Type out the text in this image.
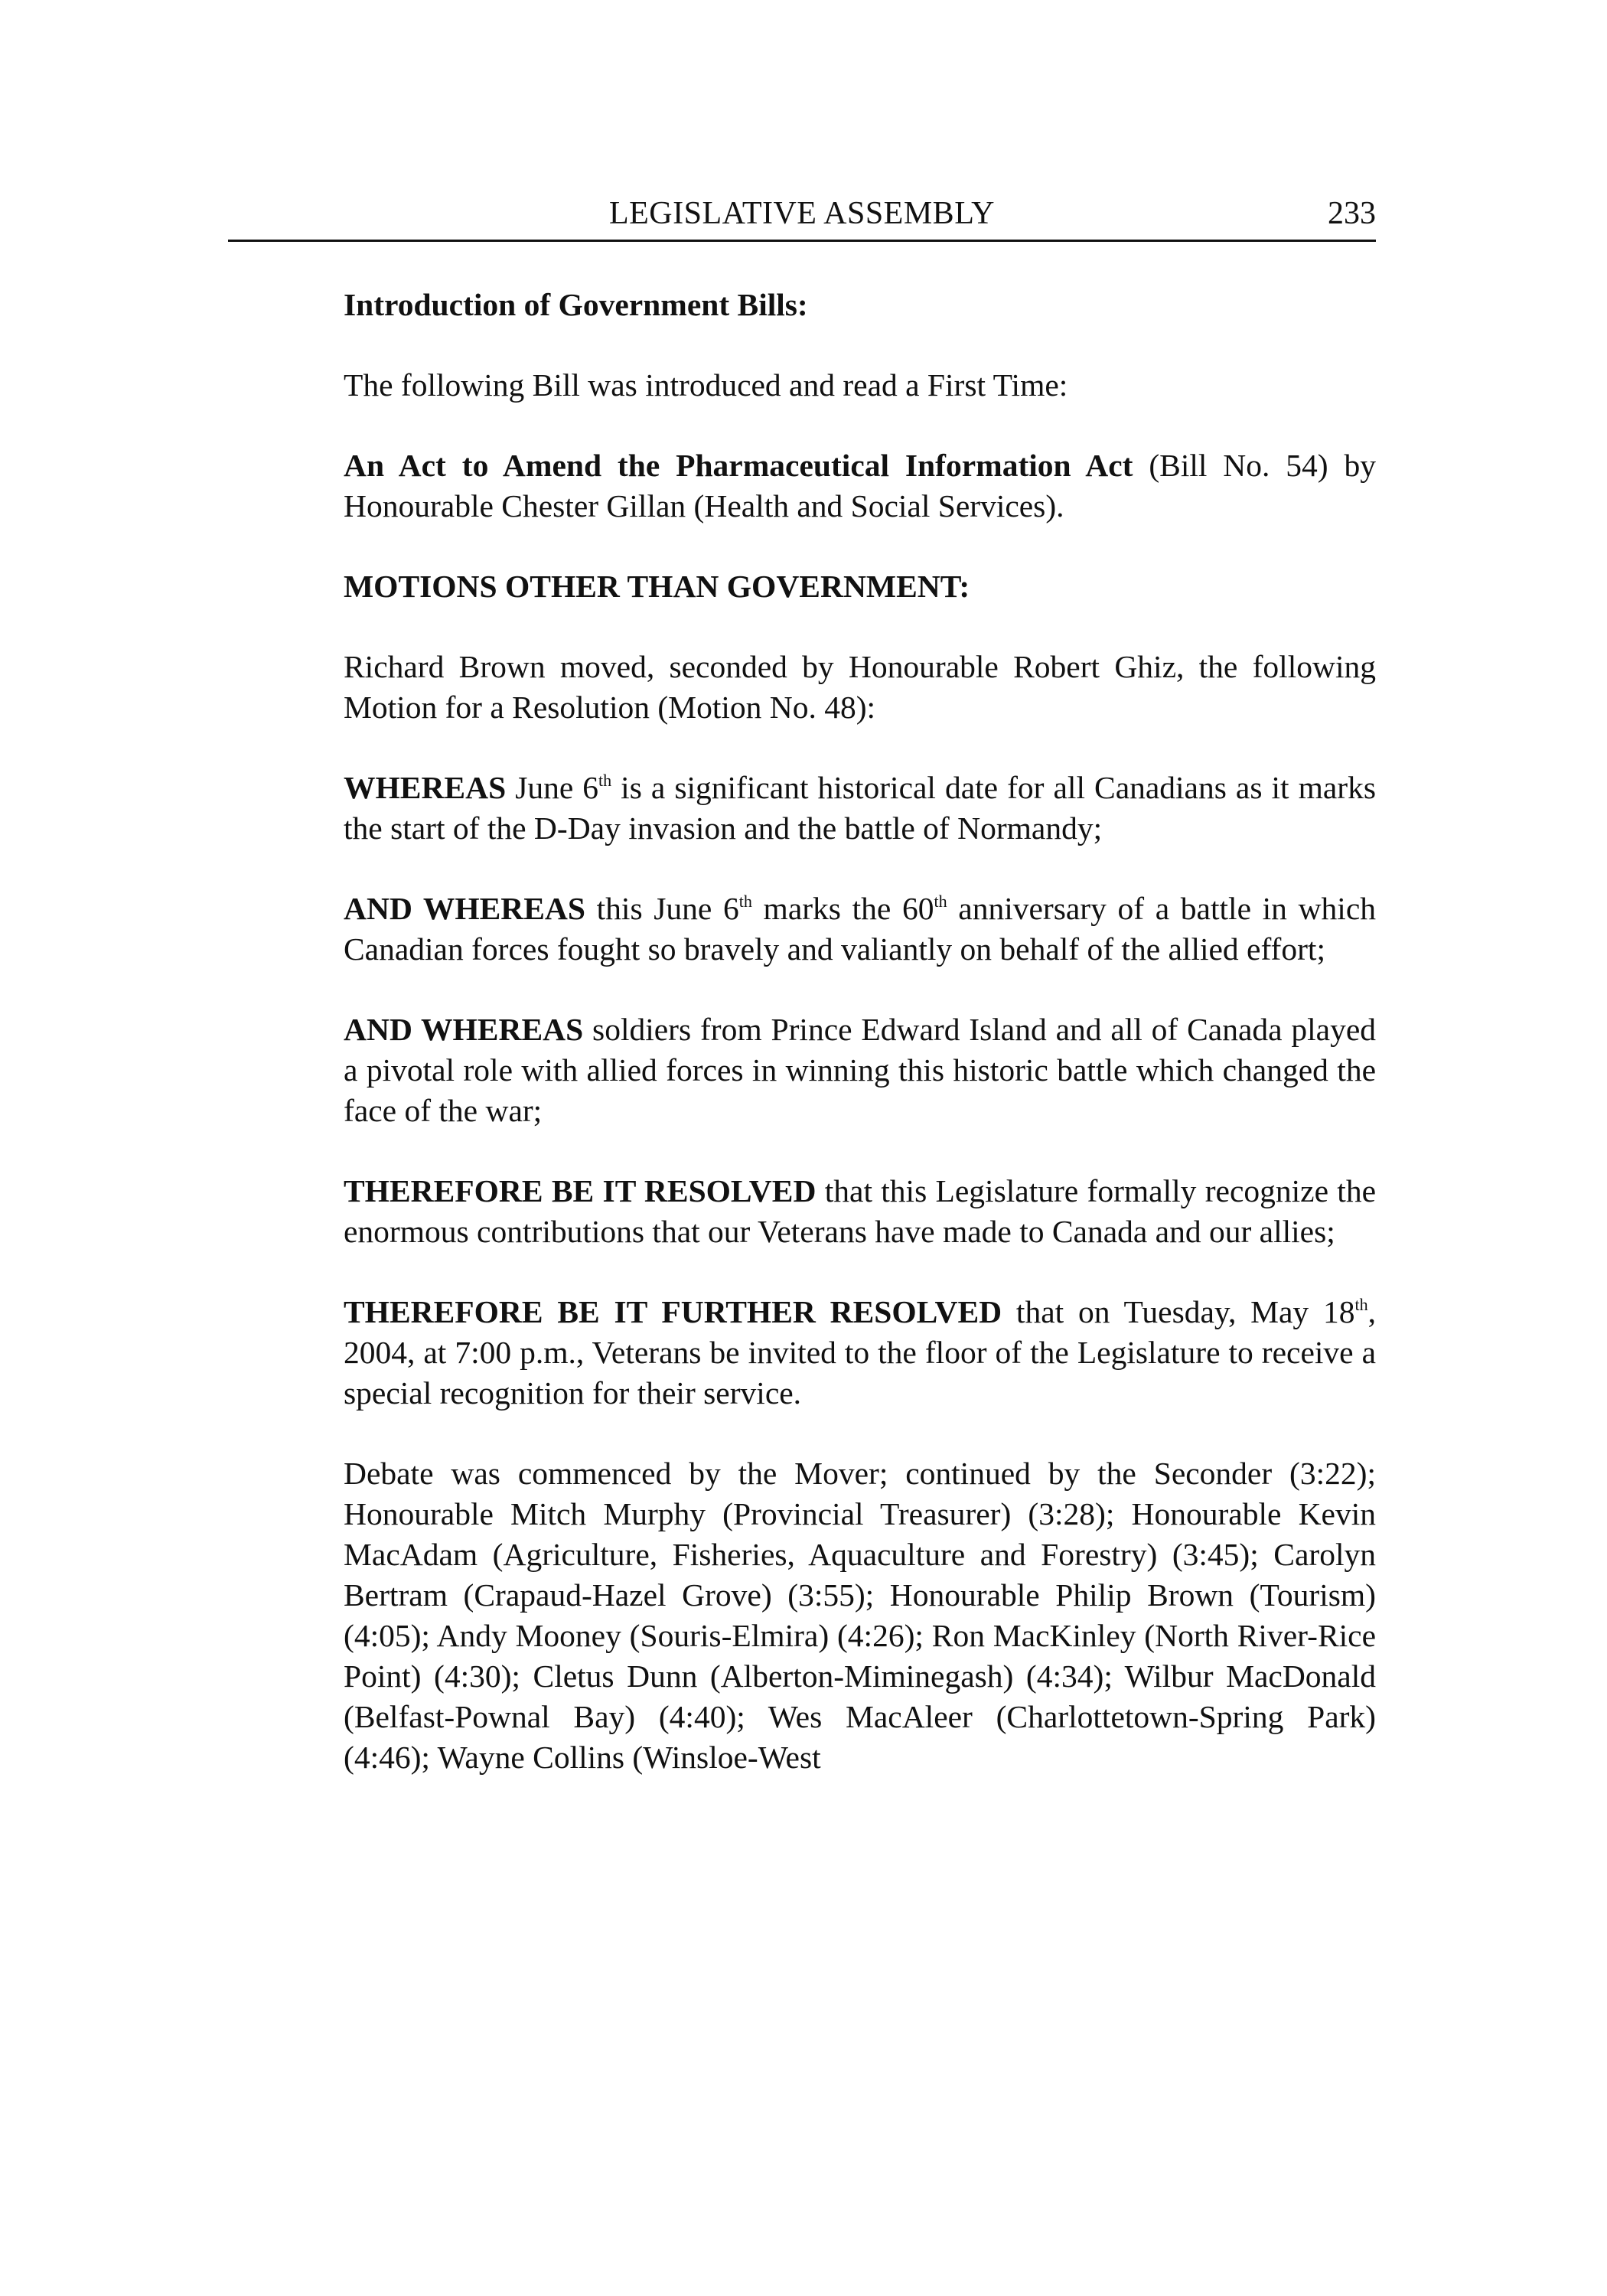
LEGISLATIVE ASSEMBLY	233

Introduction of Government Bills:

The following Bill was introduced and read a First Time:

An Act to Amend the Pharmaceutical Information Act (Bill No. 54) by Honourable Chester Gillan (Health and Social Services).

MOTIONS OTHER THAN GOVERNMENT:

Richard Brown moved, seconded by Honourable Robert Ghiz, the following Motion for a Resolution (Motion No. 48):

WHEREAS June 6th is a significant historical date for all Canadians as it marks the start of the D-Day invasion and the battle of Normandy;

AND WHEREAS this June 6th marks the 60th anniversary of a battle in which Canadian forces fought so bravely and valiantly on behalf of the allied effort;

AND WHEREAS soldiers from Prince Edward Island and all of Canada played a pivotal role with allied forces in winning this historic battle which changed the face of the war;

THEREFORE BE IT RESOLVED that this Legislature formally recognize the enormous contributions that our Veterans have made to Canada and our allies;

THEREFORE BE IT FURTHER RESOLVED that on Tuesday, May 18th, 2004, at 7:00 p.m., Veterans be invited to the floor of the Legislature to receive a special recognition for their service.

Debate was commenced by the Mover; continued by the Seconder (3:22); Honourable Mitch Murphy (Provincial Treasurer) (3:28); Honourable Kevin MacAdam (Agriculture, Fisheries, Aquaculture and Forestry) (3:45); Carolyn Bertram (Crapaud-Hazel Grove) (3:55); Honourable Philip Brown (Tourism) (4:05); Andy Mooney (Souris-Elmira) (4:26); Ron MacKinley (North River-Rice Point) (4:30); Cletus Dunn (Alberton-Miminegash) (4:34); Wilbur MacDonald (Belfast-Pownal Bay) (4:40); Wes MacAleer (Charlottetown-Spring Park) (4:46); Wayne Collins (Winsloe-West
